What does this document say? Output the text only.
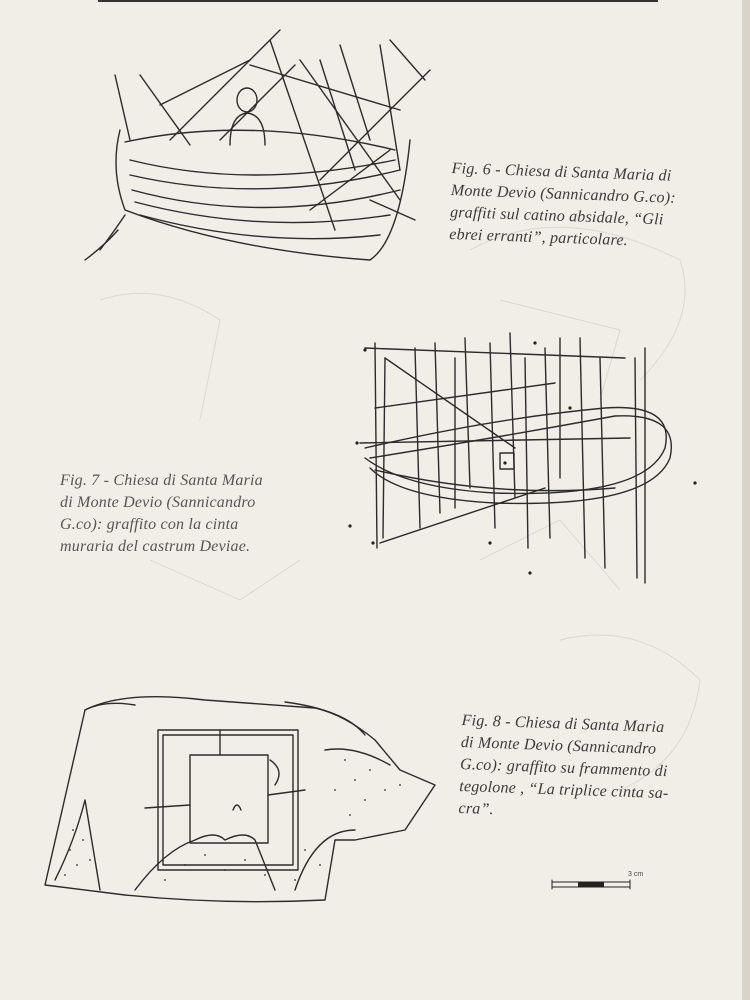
Fig. 6 - Chiesa di Santa Maria di
Monte Devio (Sannicandro G.co):
graffiti sul catino absidale, “Gli
ebrei erranti”, particolare.
Fig. 7 - Chiesa di Santa Maria
di Monte Devio (Sannicandro
G.co): graffito con la cinta
muraria del castrum Deviae.
Fig. 8 - Chiesa di Santa Maria
di Monte Devio (Sannicandro
G.co): graffito su frammento di
tegolone , “La triplice cinta sa-
cra”.
3 cm
